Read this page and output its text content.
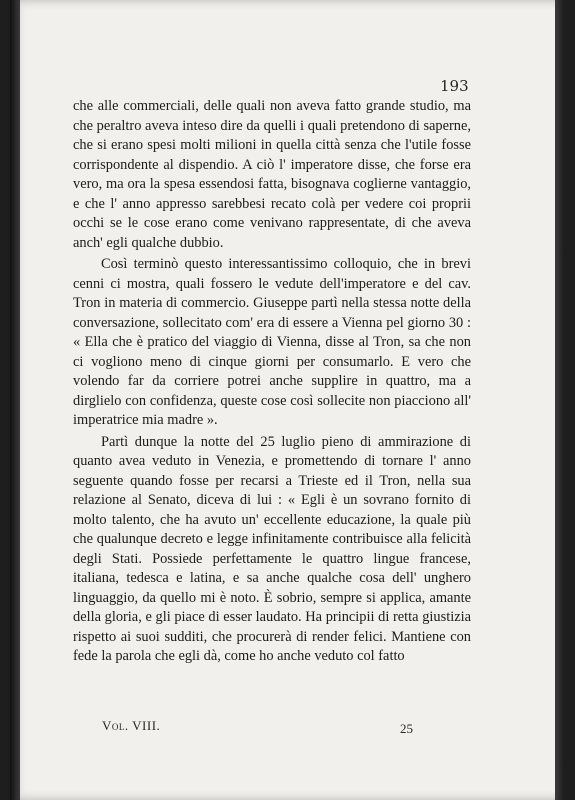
193

che alle commerciali, delle quali non aveva fatto grande studio, ma che peraltro aveva inteso dire da quelli i quali pretendono di saperne, che si erano spesi molti milioni in quella città senza che l'utile fosse corrispondente al dispendio. A ciò l' imperatore disse, che forse era vero, ma ora la spesa essendosi fatta, bisognava coglierne vantaggio, e che l' anno appresso sarebbesi recato colà per vedere coi proprii occhi se le cose erano come venivano rappresentate, di che aveva anch' egli qualche dubbio.

Così terminò questo interessantissimo colloquio, che in brevi cenni ci mostra, quali fossero le vedute dell'imperatore e del cav. Tron in materia di commercio. Giuseppe partì nella stessa notte della conversazione, sollecitato com' era di essere a Vienna pel giorno 30 : « Ella che è pratico del viaggio di Vienna, disse al Tron, sa che non ci vogliono meno di cinque giorni per consumarlo. E vero che volendo far da corriere potrei anche supplire in quattro, ma a dirglielo con confidenza, queste cose così sollecite non piacciono all' imperatrice mia madre ».

Partì dunque la notte del 25 luglio pieno di ammirazione di quanto avea veduto in Venezia, e promettendo di tornare l' anno seguente quando fosse per recarsi a Trieste ed il Tron, nella sua relazione al Senato, diceva di lui : « Egli è un sovrano fornito di molto talento, che ha avuto un' eccellente educazione, la quale più che qualunque decreto e legge infinitamente contribuisce alla felicità degli Stati. Possiede perfettamente le quattro lingue francese, italiana, tedesca e latina, e sa anche qualche cosa dell' unghero linguaggio, da quello mi è noto. È sobrio, sempre si applica, amante della gloria, e gli piace di esser laudato. Ha principii di retta giustizia rispetto ai suoi sudditi, che procurerà di render felici. Mantiene con fede la parola che egli dà, come ho anche veduto col fatto

Vol. VIII.	25
